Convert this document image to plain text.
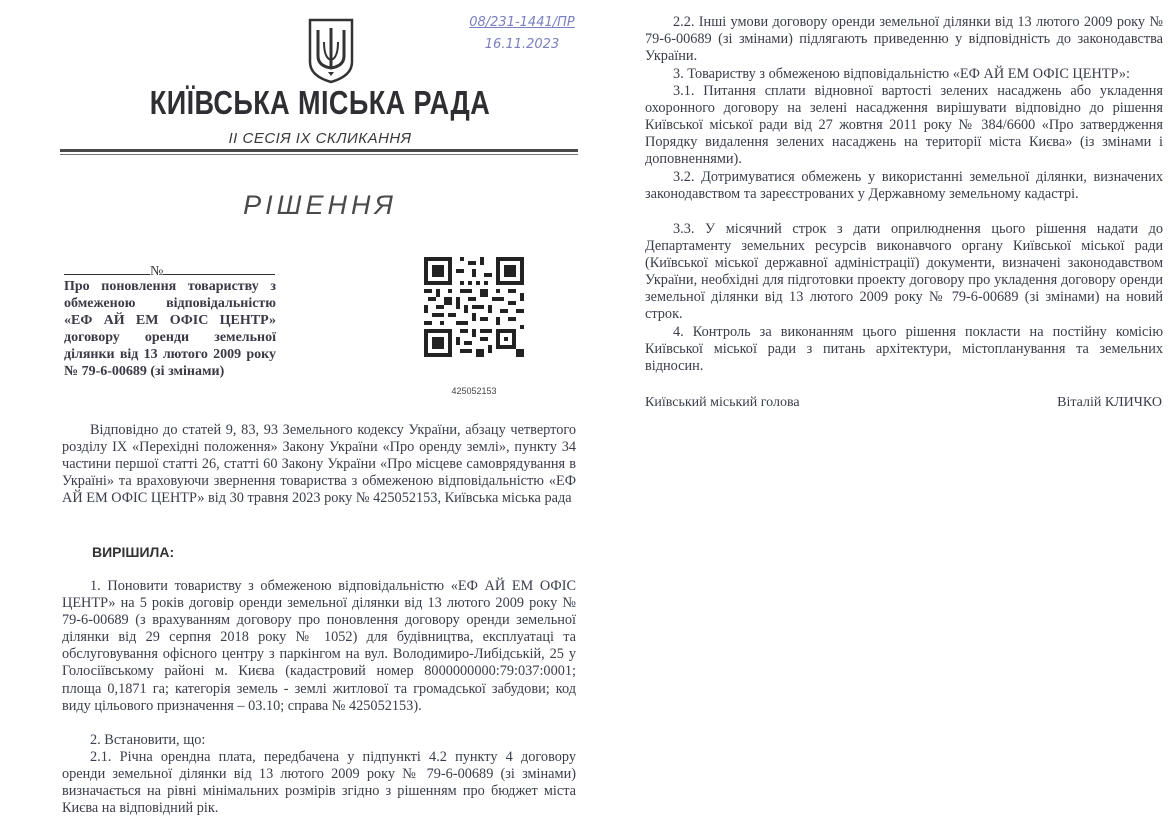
08/231-1441/ПР
16.11.2023
КИЇВСЬКА МІСЬКА РАДА
ІІ СЕСІЯ ІХ СКЛИКАННЯ
РІШЕННЯ
№
Про поновлення товариству з обмеженою відповідальністю «ЕФ АЙ ЕМ ОФІС ЦЕНТР» договору оренди земельної ділянки від 13 лютого 2009 року № 79-6-00689 (зі змінами)
425052153

Відповідно до статей 9, 83, 93 Земельного кодексу України, абзацу четвертого розділу IX «Перехідні положення» Закону України «Про оренду землі», пункту 34 частини першої статті 26, статті 60 Закону України «Про місцеве самоврядування в Україні» та враховуючи звернення товариства з обмеженою відповідальністю «ЕФ АЙ ЕМ ОФІС ЦЕНТР» від 30 травня 2023 року № 425052153, Київська міська рада

ВИРІШИЛА:

1. Поновити товариству з обмеженою відповідальністю «ЕФ АЙ ЕМ ОФІС ЦЕНТР» на 5 років договір оренди земельної ділянки від 13 лютого 2009 року № 79-6-00689 (з врахуванням договору про поновлення договору оренди земельної ділянки від 29 серпня 2018 року № 1052) для будівництва, експлуатаці та обслуговування офісного центру з паркінгом на вул. Володимиро-Либідській, 25 у Голосіївському районі м. Києва (кадастровий номер 8000000000:79:037:0001; площа 0,1871 га; категорія земель - землі житлової та громадської забудови; код виду цільового призначення – 03.10; справа № 425052153).

2. Встановити, що:

2.1. Річна орендна плата, передбачена у підпункті 4.2 пункту 4 договору оренди земельної ділянки від 13 лютого 2009 року № 79-6-00689 (зі змінами) визначається на рівні мінімальних розмірів згідно з рішенням про бюджет міста Києва на відповідний рік.

2.2. Інші умови договору оренди земельної ділянки від 13 лютого 2009 року № 79-6-00689 (зі змінами) підлягають приведенню у відповідність до законодавства України.

3. Товариству з обмеженою відповідальністю «ЕФ АЙ ЕМ ОФІС ЦЕНТР»:

3.1. Питання сплати відновної вартості зелених насаджень або укладення охоронного договору на зелені насадження вирішувати відповідно до рішення Київської міської ради від 27 жовтня 2011 року № 384/6600 «Про затвердження Порядку видалення зелених насаджень на території міста Києва» (із змінами і доповненнями).

3.2. Дотримуватися обмежень у використанні земельної ділянки, визначених законодавством та зареєстрованих у Державному земельному кадастрі.

3.3. У місячний строк з дати оприлюднення цього рішення надати до Департаменту земельних ресурсів виконавчого органу Київської міської ради (Київської міської державної адміністрації) документи, визначені законодавством України, необхідні для підготовки проекту договору про укладення договору оренди земельної ділянки від 13 лютого 2009 року № 79-6-00689 (зі змінами) на новий строк.

4. Контроль за виконанням цього рішення покласти на постійну комісію Київської міської ради з питань архітектури, містопланування та земельних відносин.

Київський міський голова	Віталій КЛИЧКО
